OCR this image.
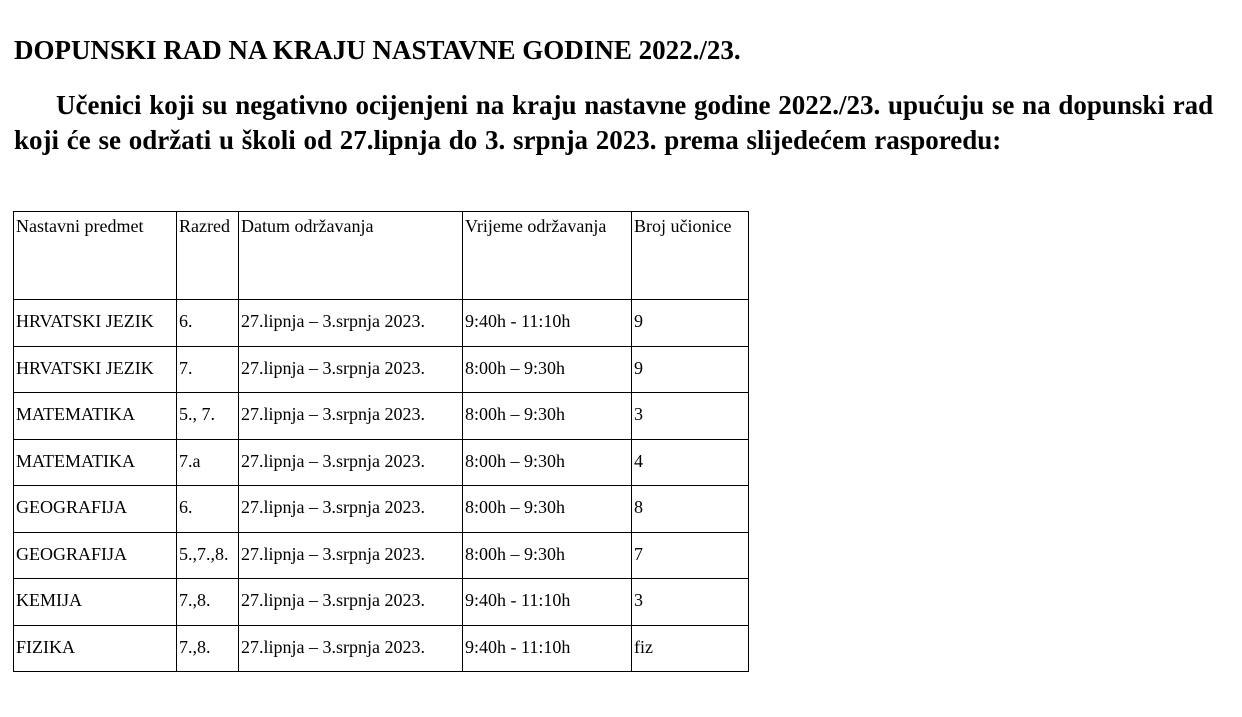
DOPUNSKI RAD NA KRAJU NASTAVNE GODINE 2022./23.
Učenici koji su negativno ocijenjeni na kraju nastavne godine 2022./23. upućuju se na dopunski rad koji će se održati u školi od 27.lipnja do 3. srpnja 2023. prema slijedećem rasporedu:
Nastavni predmet	Razred	Datum održavanja	Vrijeme održavanja	Broj učionice
HRVATSKI JEZIK	6.	27.lipnja – 3.srpnja 2023.	9:40h - 11:10h	9
HRVATSKI JEZIK	7.	27.lipnja – 3.srpnja 2023.	8:00h – 9:30h	9
MATEMATIKA	5., 7.	27.lipnja – 3.srpnja 2023.	8:00h – 9:30h	3
MATEMATIKA	7.a	27.lipnja – 3.srpnja 2023.	8:00h – 9:30h	4
GEOGRAFIJA	6.	27.lipnja – 3.srpnja 2023.	8:00h – 9:30h	8
GEOGRAFIJA	5.,7.,8.	27.lipnja – 3.srpnja 2023.	8:00h – 9:30h	7
KEMIJA	7.,8.	27.lipnja – 3.srpnja 2023.	9:40h - 11:10h	3
FIZIKA	7.,8.	27.lipnja – 3.srpnja 2023.	9:40h - 11:10h	fiz
